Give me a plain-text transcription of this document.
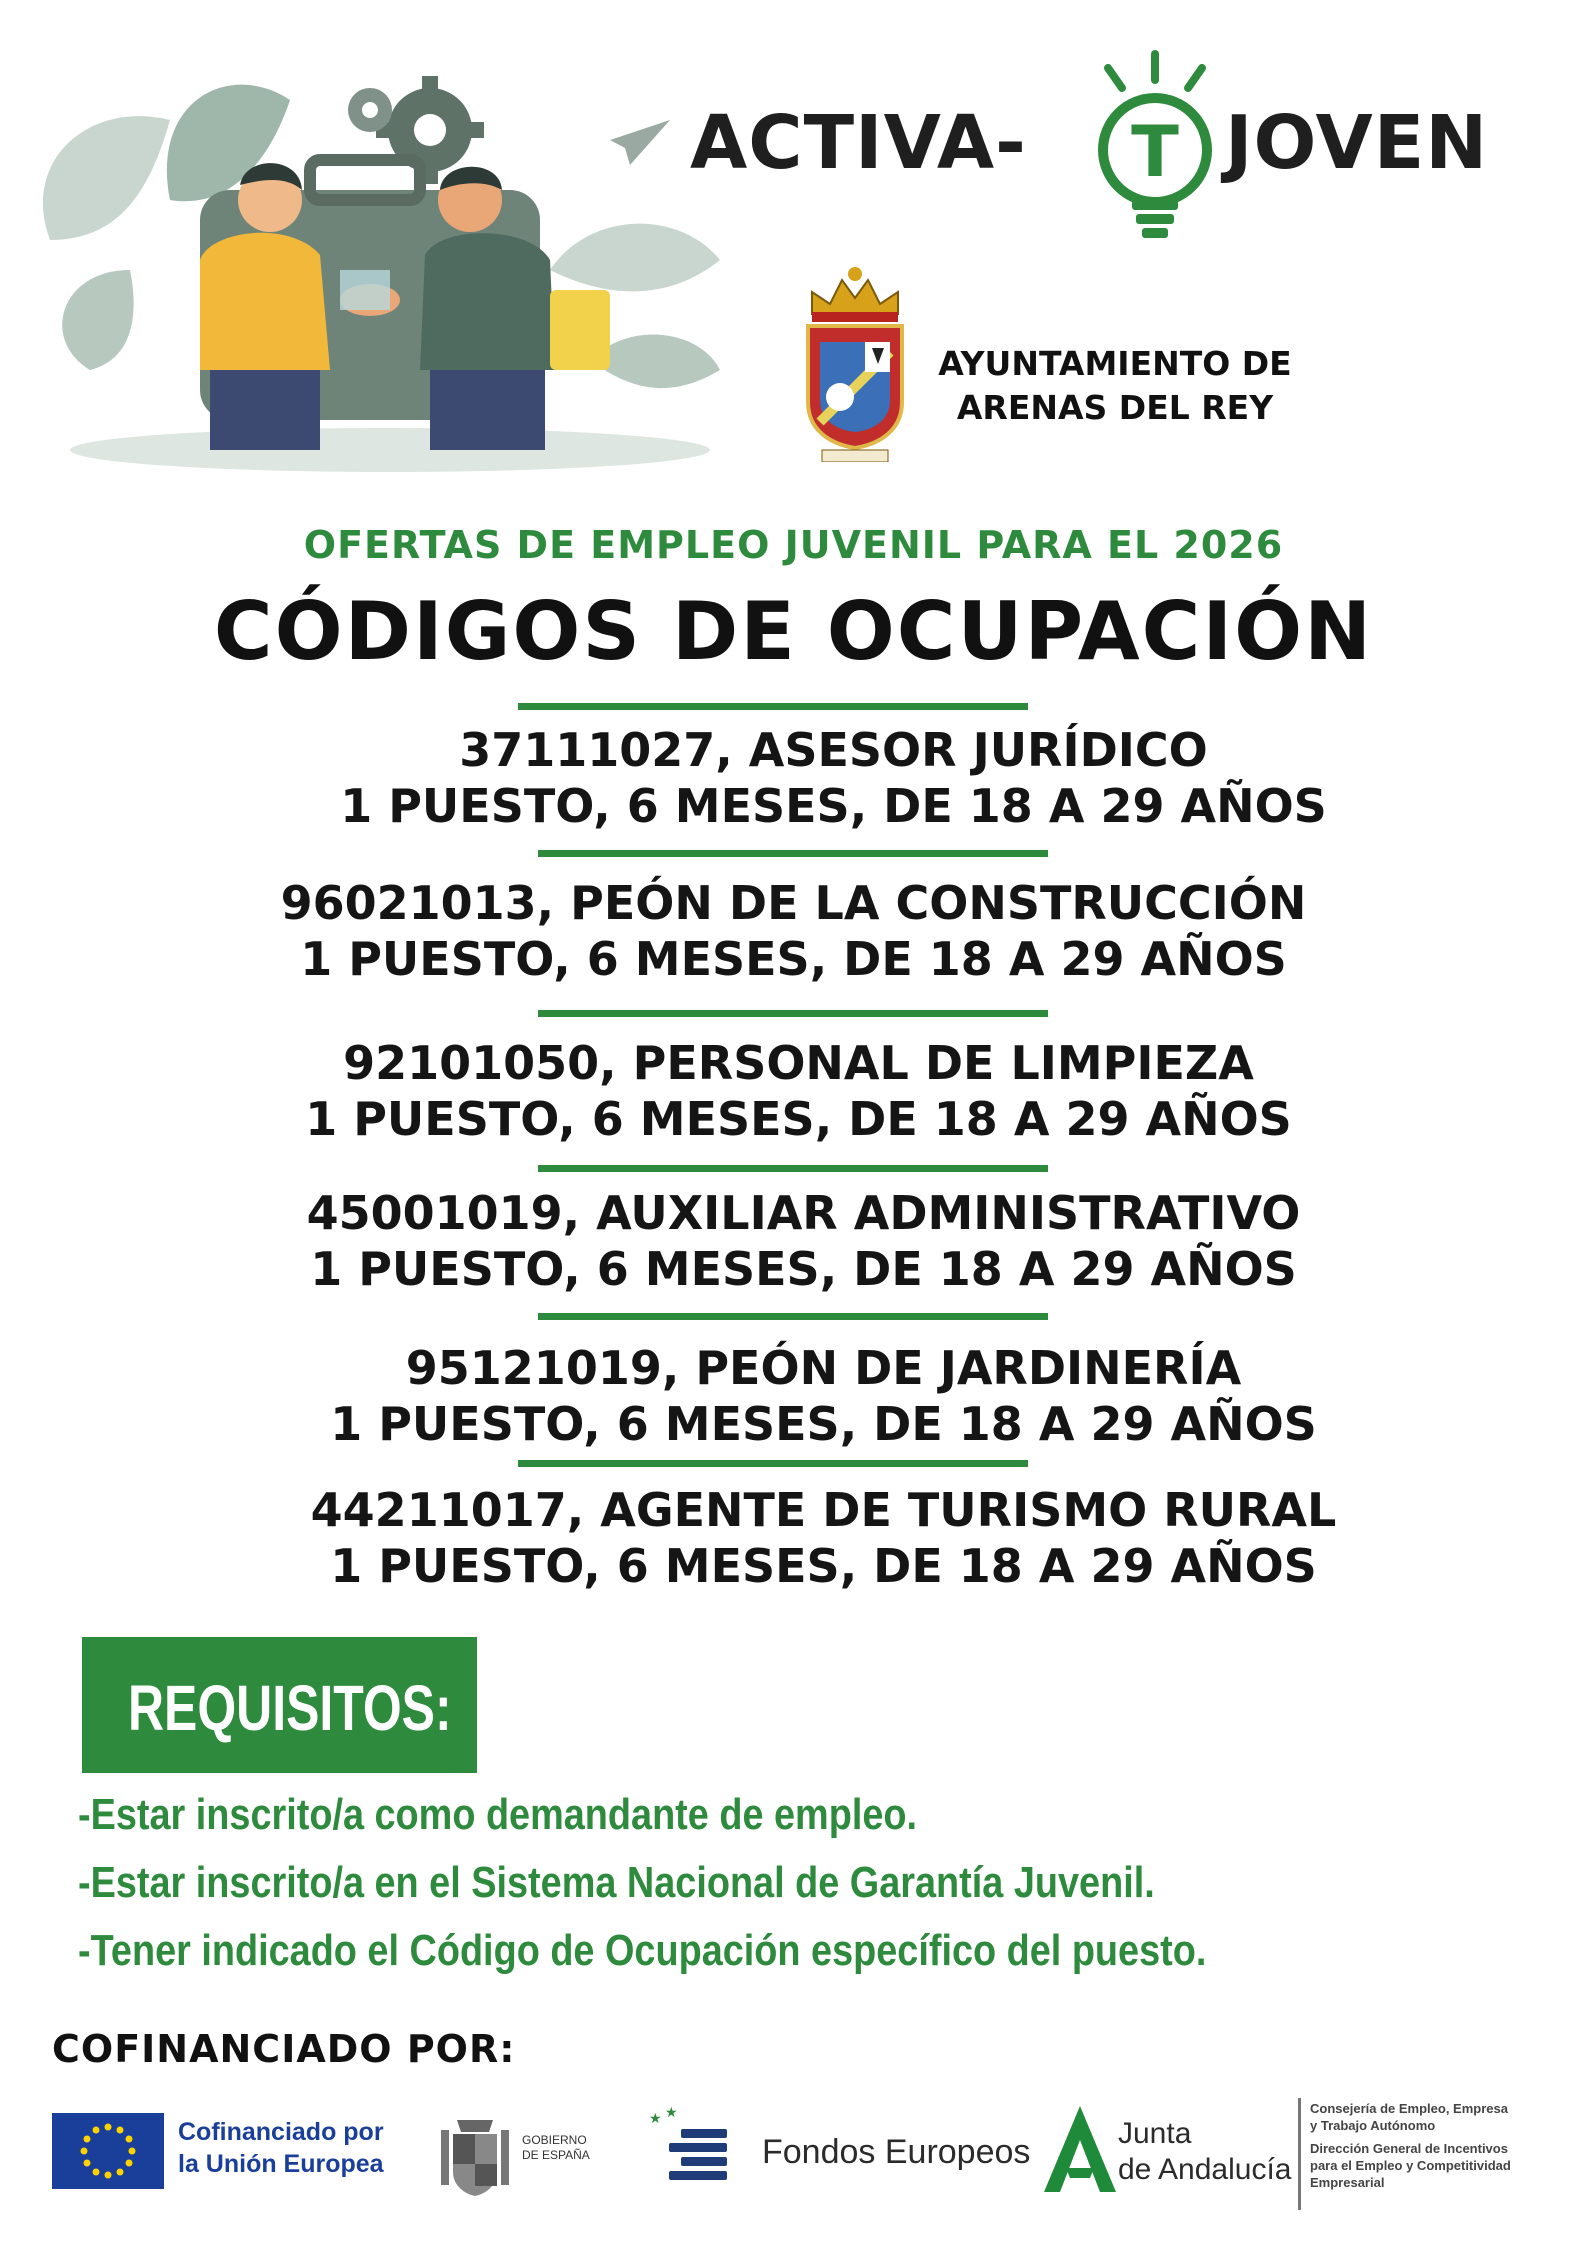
ACTIVA- T JOVEN
AYUNTAMIENTO DE
ARENAS DEL REY
OFERTAS DE EMPLEO JUVENIL PARA EL 2026
CÓDIGOS DE OCUPACIÓN
37111027, ASESOR JURÍDICO
1 PUESTO, 6 MESES, DE 18 A 29 AÑOS
96021013, PEÓN DE LA CONSTRUCCIÓN
1 PUESTO, 6 MESES, DE 18 A 29 AÑOS
92101050, PERSONAL DE LIMPIEZA
1 PUESTO, 6 MESES, DE 18 A 29 AÑOS
45001019, AUXILIAR ADMINISTRATIVO
1 PUESTO, 6 MESES, DE 18 A 29 AÑOS
95121019, PEÓN DE JARDINERÍA
1 PUESTO, 6 MESES, DE 18 A 29 AÑOS
44211017, AGENTE DE TURISMO RURAL
1 PUESTO, 6 MESES, DE 18 A 29 AÑOS
REQUISITOS:
-Estar inscrito/a como demandante de empleo.
-Estar inscrito/a en el Sistema Nacional de Garantía Juvenil.
-Tener indicado el Código de Ocupación específico del puesto.
COFINANCIADO POR:
Cofinanciado por
la Unión Europea
GOBIERNO
DE ESPAÑA
★ ★
Fondos Europeos	Junta
de Andalucía
Consejería de Empleo, Empresa
y Trabajo Autónomo
Dirección General de Incentivos
para el Empleo y Competitividad
Empresarial
